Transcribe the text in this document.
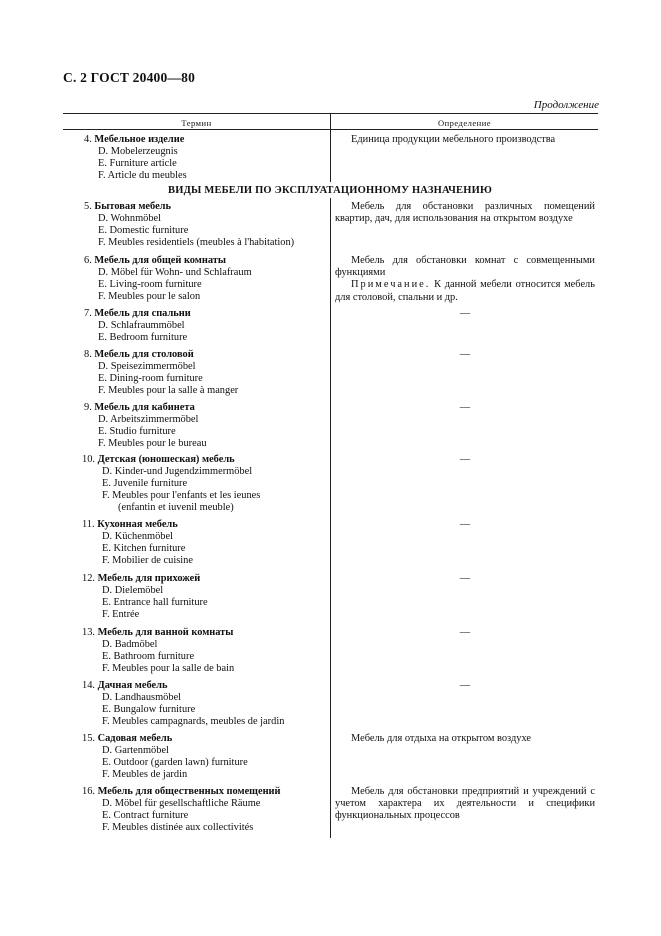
С. 2 ГОСТ 20400—80
Продолжение
Термин	Определение
ВИДЫ МЕБЕЛИ ПО ЭКСПЛУАТАЦИОННОМУ НАЗНАЧЕНИЮ
4. Мебельное изделие
D. Mobelerzeugnis
E. Furniture article
F. Article du meubles

Единица продукции мебельного производства

5. Бытовая мебель
D. Wohnmöbel
E. Domestic furniture
F. Meubles residentiels (meubles à l'habitation)

Мебель для обстановки различных помещений квартир, дач, для использования на открытом воздухе

6. Мебель для общей комнаты
D. Möbel für Wohn- und Schlafraum
E. Living-room furniture
F. Meubles pour le salon

Мебель для обстановки комнат с совмещенными функциями

Примечание. К данной мебели относится мебель для столовой, спальни и др.

7. Мебель для спальни
D. Schlafraummöbel
E. Bedroom furniture
—
8. Мебель для столовой
D. Speisezimmermöbel
E. Dining-room furniture
F. Meubles pour la salle à manger
—
9. Мебель для кабинета
D. Arbeitszimmermöbel
E. Studio furniture
F. Meubles pour le bureau
—
10. Детская (юношеская) мебель
D. Kinder-und Jugendzimmermöbel
E. Juvenile furniture
F. Meubles pour l'enfants et les ieunes
(enfantin et iuvenil meuble)
—
11. Кухонная мебель
D. Küchenmöbel
E. Kitchen furniture
F. Mobilier de cuisine
—
12. Мебель для прихожей
D. Dielemöbel
E. Entrance hall furniture
F. Entrée
—
13. Мебель для ванной комнаты
D. Badmöbel
E. Bathroom furniture
F. Meubles pour la salle de bain
—
14. Дачная мебель
D. Landhausmöbel
E. Bungalow furniture
F. Meubles campagnards, meubles de jardin
—
15. Садовая мебель
D. Gartenmöbel
E. Outdoor (garden lawn) furniture
F. Meubles de jardin

Мебель для отдыха на открытом воздухе

16. Мебель для общественных помещений
D. Möbel für gesellschaftliche Räume
E. Contract furniture
F. Meubles distinée aux collectivités

Мебель для обстановки предприятий и учреждений с учетом характера их деятельности и специфики функциональных процессов
